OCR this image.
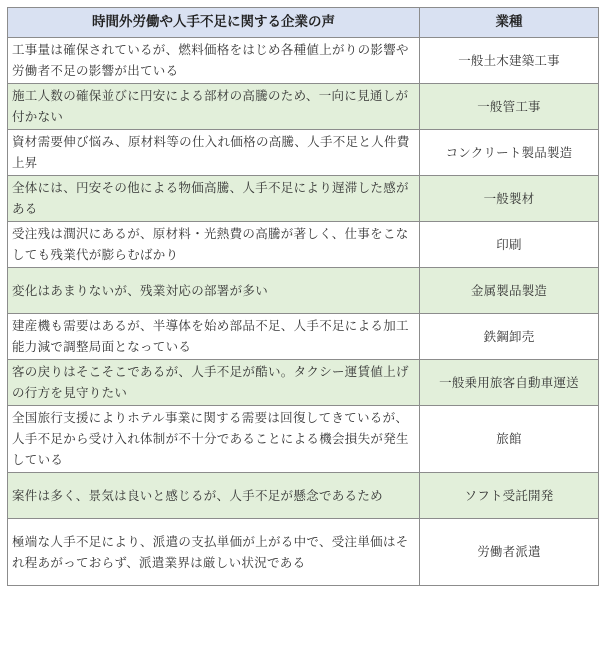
時間外労働や人手不足に関する企業の声	業種
工事量は確保されているが、燃料価格をはじめ各種値上がりの影響や労働者不足の影響が出ている	一般土木建築工事
施工人数の確保並びに円安による部材の高騰のため、一向に見通しが付かない	一般管工事
資材需要伸び悩み、原材料等の仕入れ価格の高騰、人手不足と人件費上昇	コンクリート製品製造
全体には、円安その他による物価高騰、人手不足により遅滞した感がある	一般製材
受注残は潤沢にあるが、原材料・光熱費の高騰が著しく、仕事をこなしても残業代が膨らむばかり	印刷
変化はあまりないが、残業対応の部署が多い	金属製品製造
建産機も需要はあるが、半導体を始め部品不足、人手不足による加工能力減で調整局面となっている	鉄鋼卸売
客の戻りはそこそこであるが、人手不足が酷い。タクシー運賃値上げの行方を見守りたい	一般乗用旅客自動車運送
全国旅行支援によりホテル事業に関する需要は回復してきているが、人手不足から受け入れ体制が不十分であることによる機会損失が発生している	旅館
案件は多く、景気は良いと感じるが、人手不足が懸念であるため	ソフト受託開発
極端な人手不足により、派遣の支払単価が上がる中で、受注単価はそれ程あがっておらず、派遣業界は厳しい状況である	労働者派遣
